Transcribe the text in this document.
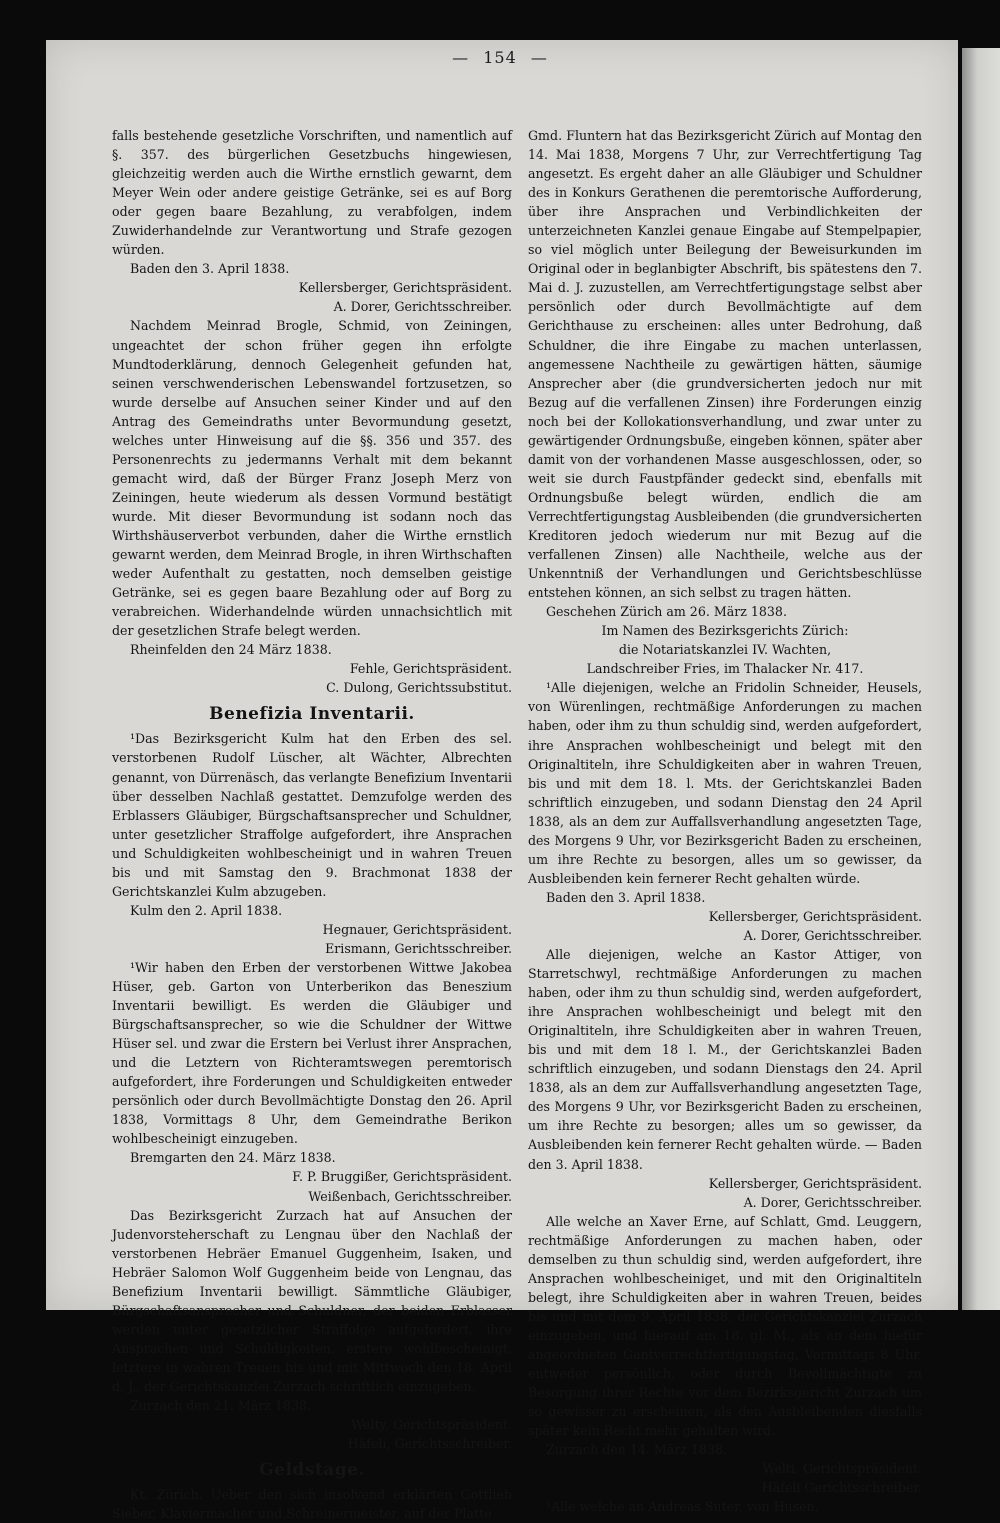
— 154 —

falls bestehende gesetzliche Vorschriften, und namentlich auf §. 357. des bürgerlichen Gesetzbuchs hingewiesen, gleichzeitig werden auch die Wirthe ernstlich gewarnt, dem Meyer Wein oder andere geistige Getränke, sei es auf Borg oder gegen baare Bezahlung, zu verabfolgen, indem Zuwiderhandelnde zur Verantwortung und Strafe gezogen würden.

Baden den 3. April 1838.

Kellersberger, Gerichtspräsident.

A. Dorer, Gerichtsschreiber.

Nachdem Meinrad Brogle, Schmid, von Zeiningen, ungeachtet der schon früher gegen ihn erfolgte Mundtoderklärung, dennoch Gelegenheit gefunden hat, seinen verschwenderischen Lebenswandel fortzusetzen, so wurde derselbe auf Ansuchen seiner Kinder und auf den Antrag des Gemeindraths unter Bevormundung gesetzt, welches unter Hinweisung auf die §§. 356 und 357. des Personenrechts zu jedermanns Verhalt mit dem bekannt gemacht wird, daß der Bürger Franz Joseph Merz von Zeiningen, heute wiederum als dessen Vormund bestätigt wurde. Mit dieser Bevormundung ist sodann noch das Wirthshäuserverbot verbunden, daher die Wirthe ernstlich gewarnt werden, dem Meinrad Brogle, in ihren Wirthschaften weder Aufenthalt zu gestatten, noch demselben geistige Getränke, sei es gegen baare Bezahlung oder auf Borg zu verabreichen. Widerhandelnde würden unnachsichtlich mit der gesetzlichen Strafe belegt werden.

Rheinfelden den 24 März 1838.

Fehle, Gerichtspräsident.

C. Dulong, Gerichtssubstitut.

Benefizia Inventarii.

¹Das Bezirksgericht Kulm hat den Erben des sel. verstorbenen Rudolf Lüscher, alt Wächter, Albrechten genannt, von Dürrenäsch, das verlangte Benefizium Inventarii über desselben Nachlaß gestattet. Demzufolge werden des Erblassers Gläubiger, Bürgschaftsansprecher und Schuldner, unter gesetzlicher Straffolge aufgefordert, ihre Ansprachen und Schuldigkeiten wohlbescheinigt und in wahren Treuen bis und mit Samstag den 9. Brachmonat 1838 der Gerichtskanzlei Kulm abzugeben.

Kulm den 2. April 1838.

Hegnauer, Gerichtspräsident.

Erismann, Gerichtsschreiber.

¹Wir haben den Erben der verstorbenen Wittwe Jakobea Hüser, geb. Garton von Unterberikon das Beneszium Inventarii bewilligt. Es werden die Gläubiger und Bürgschaftsansprecher, so wie die Schuldner der Wittwe Hüser sel. und zwar die Erstern bei Verlust ihrer Ansprachen, und die Letztern von Richteramtswegen peremtorisch aufgefordert, ihre Forderungen und Schuldigkeiten entweder persönlich oder durch Bevollmächtigte Donstag den 26. April 1838, Vormittags 8 Uhr, dem Gemeindrathe Berikon wohlbescheinigt einzugeben.

Bremgarten den 24. März 1838.

F. P. Bruggißer, Gerichtspräsident.

Weißenbach, Gerichtsschreiber.

Das Bezirksgericht Zurzach hat auf Ansuchen der Judenvorsteherschaft zu Lengnau über den Nachlaß der verstorbenen Hebräer Emanuel Guggenheim, Isaken, und Hebräer Salomon Wolf Guggenheim beide von Lengnau, das Benefizium Inventarii bewilligt. Sämmtliche Gläubiger, Bürgschaftsansprecher und Schuldner, der beiden Erblasser werden unter gesetzlicher Straffolge aufgefordert, ihre Ansprachen und Schuldigkeiten, erstere wohlbescheinigt, letztere in wahren Treuen bis und mit Mittwoch den 18. April d. J., der Gerichtskanzlei Zurzach schriftlich einzugeben.

Zurzach den 21. März 1838.

Welty, Gerichtspräsident.

Häfeli, Gerichtsschreiber.

Geldstage.

Kt. Zürich. Ueber den sich insolvend erklärten Gottlieb Sieber, Klaviermacher und Schreinermeister, auf der Platte

Gmd. Fluntern hat das Bezirksgericht Zürich auf Montag den 14. Mai 1838, Morgens 7 Uhr, zur Verrechtfertigung Tag angesetzt. Es ergeht daher an alle Gläubiger und Schuldner des in Konkurs Gerathenen die peremtorische Aufforderung, über ihre Ansprachen und Verbindlichkeiten der unterzeichneten Kanzlei genaue Eingabe auf Stempelpapier, so viel möglich unter Beilegung der Beweisurkunden im Original oder in beglanbigter Abschrift, bis spätestens den 7. Mai d. J. zuzustellen, am Verrechtfertigungstage selbst aber persönlich oder durch Bevollmächtigte auf dem Gerichthause zu erscheinen: alles unter Bedrohung, daß Schuldner, die ihre Eingabe zu machen unterlassen, angemessene Nachtheile zu gewärtigen hätten, säumige Ansprecher aber (die grundversicherten jedoch nur mit Bezug auf die verfallenen Zinsen) ihre Forderungen einzig noch bei der Kollokationsverhandlung, und zwar unter zu gewärtigender Ordnungsbuße, eingeben können, später aber damit von der vorhandenen Masse ausgeschlossen, oder, so weit sie durch Faustpfänder gedeckt sind, ebenfalls mit Ordnungsbuße belegt würden, endlich die am Verrechtfertigungstag Ausbleibenden (die grundversicherten Kreditoren jedoch wiederum nur mit Bezug auf die verfallenen Zinsen) alle Nachtheile, welche aus der Unkenntniß der Verhandlungen und Gerichtsbeschlüsse entstehen können, an sich selbst zu tragen hätten.

Geschehen Zürich am 26. März 1838.

Im Namen des Bezirksgerichts Zürich:

die Notariatskanzlei IV. Wachten,

Landschreiber Fries, im Thalacker Nr. 417.

¹Alle diejenigen, welche an Fridolin Schneider, Heusels, von Würenlingen, rechtmäßige Anforderungen zu machen haben, oder ihm zu thun schuldig sind, werden aufgefordert, ihre Ansprachen wohlbescheinigt und belegt mit den Originaltiteln, ihre Schuldigkeiten aber in wahren Treuen, bis und mit dem 18. l. Mts. der Gerichtskanzlei Baden schriftlich einzugeben, und sodann Dienstag den 24 April 1838, als an dem zur Auffallsverhandlung angesetzten Tage, des Morgens 9 Uhr, vor Bezirksgericht Baden zu erscheinen, um ihre Rechte zu besorgen, alles um so gewisser, da Ausbleibenden kein fernerer Recht gehalten würde.

Baden den 3. April 1838.

Kellersberger, Gerichtspräsident.

A. Dorer, Gerichtsschreiber.

Alle diejenigen, welche an Kastor Attiger, von Starretschwyl, rechtmäßige Anforderungen zu machen haben, oder ihm zu thun schuldig sind, werden aufgefordert, ihre Ansprachen wohlbescheinigt und belegt mit den Originaltiteln, ihre Schuldigkeiten aber in wahren Treuen, bis und mit dem 18 l. M., der Gerichtskanzlei Baden schriftlich einzugeben, und sodann Dienstags den 24. April 1838, als an dem zur Auffallsverhandlung angesetzten Tage, des Morgens 9 Uhr, vor Bezirksgericht Baden zu erscheinen, um ihre Rechte zu besorgen; alles um so gewisser, da Ausbleibenden kein fernerer Recht gehalten würde. — Baden den 3. April 1838.

Kellersberger, Gerichtspräsident.

A. Dorer, Gerichtsschreiber.

Alle welche an Xaver Erne, auf Schlatt, Gmd. Leuggern, rechtmäßige Anforderungen zu machen haben, oder demselben zu thun schuldig sind, werden aufgefordert, ihre Ansprachen wohlbescheiniget, und mit den Originaltiteln belegt, ihre Schuldigkeiten aber in wahren Treuen, beides bis und mit dem 9. April 1838. der Gerichtskanzlei Zurzach einzugeben, und hierauf am 18. gl. M., als an dem hiefür angeordneten Gantverrechtfertigungstag, Vormittags 8 Uhr, entweder persönlich, oder durch Bevollmächtigte zu Besorgung ihrer Rechte vor dem Bezirksgericht Zurzach um so gewisser zu erscheinen, als den Ausbleibenden diesfalls später kein Recht mehr gehalten wird.

Zurzach den 14. März 1838.

Welti, Gerichtspräsident.

Häfeli Gerichtsschreiber.

³Alle welche an Andreas Suter, von Husen,
